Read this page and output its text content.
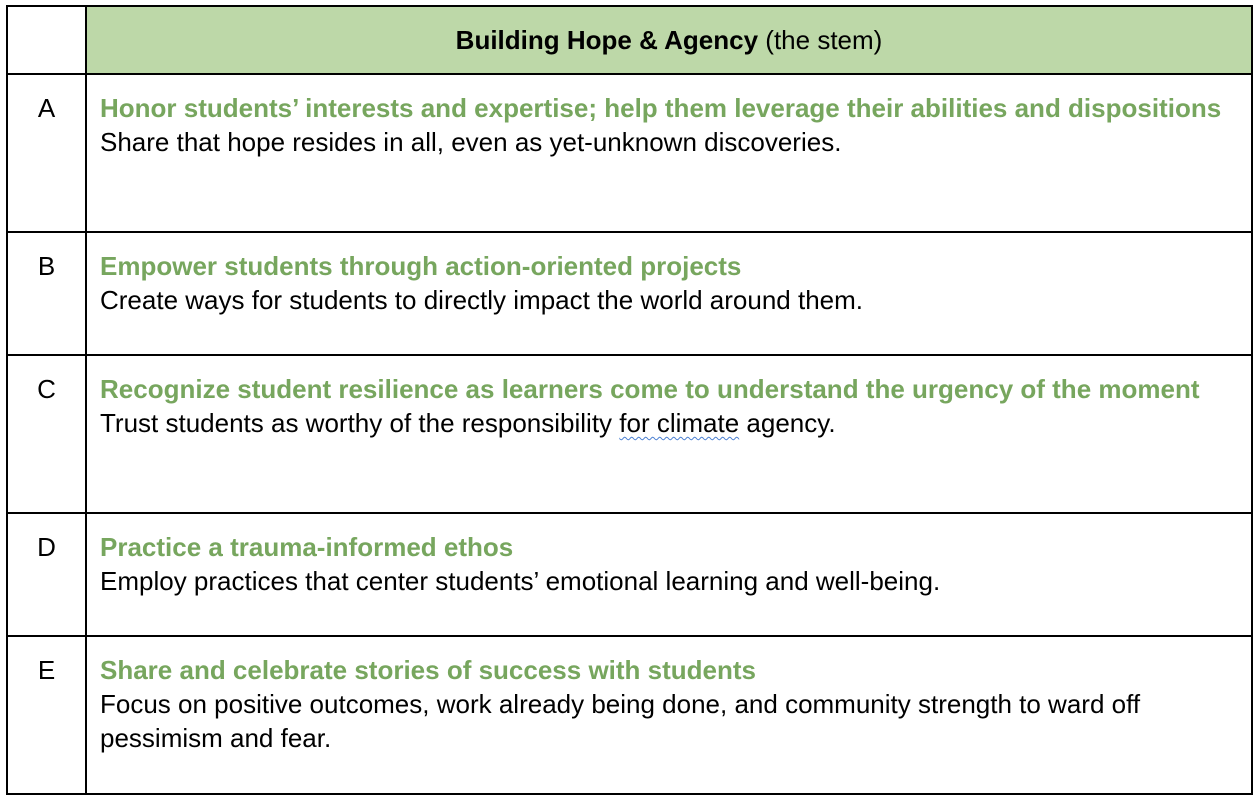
	Building Hope & Agency (the stem)
A	Honor students’ interests and expertise; help them leverage their abilities and dispositions
Share that hope resides in all, even as yet-unknown discoveries.

B	Empower students through action-oriented projects
Create ways for students to directly impact the world around them.

C	Recognize student resilience as learners come to understand the urgency of the moment
Trust students as worthy of the responsibility for climate agency.

D	Practice a trauma-informed ethos
Employ practices that center students’ emotional learning and well-being.

E	Share and celebrate stories of success with students
Focus on positive outcomes, work already being done, and community strength to ward off pessimism and fear.
